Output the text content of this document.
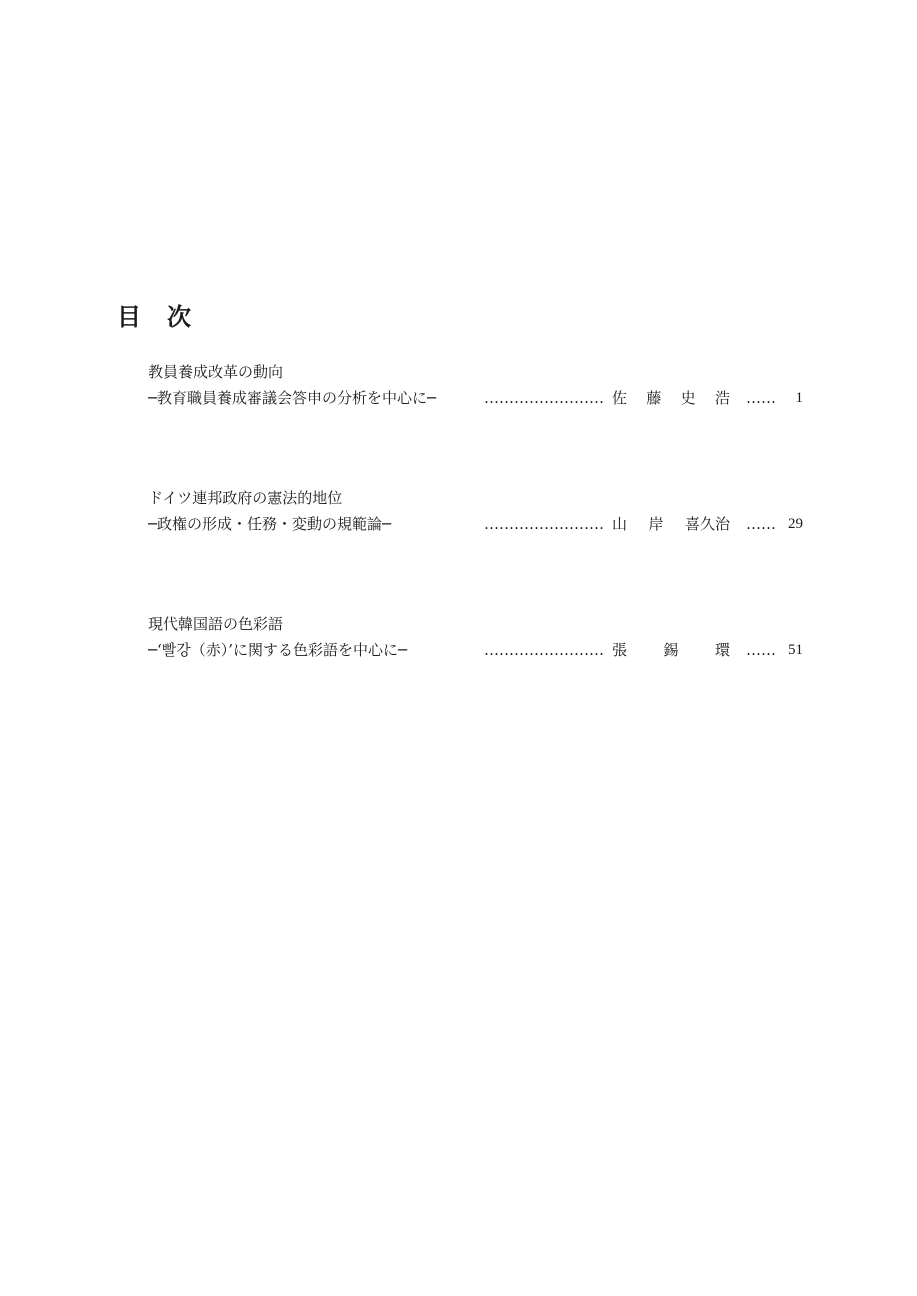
目 次
教員養成改革の動向
─教育職員養成審議会答申の分析を中心に─	…………………… 佐 藤 史 浩 …… 1
ドイツ連邦政府の憲法的地位
─政権の形成・任務・変動の規範論─	…………………… 山 岸 喜久治 …… 29
現代韓国語の色彩語
─‘빨강（赤）’に関する色彩語を中心に─	…………………… 張 錫 環 …… 51
